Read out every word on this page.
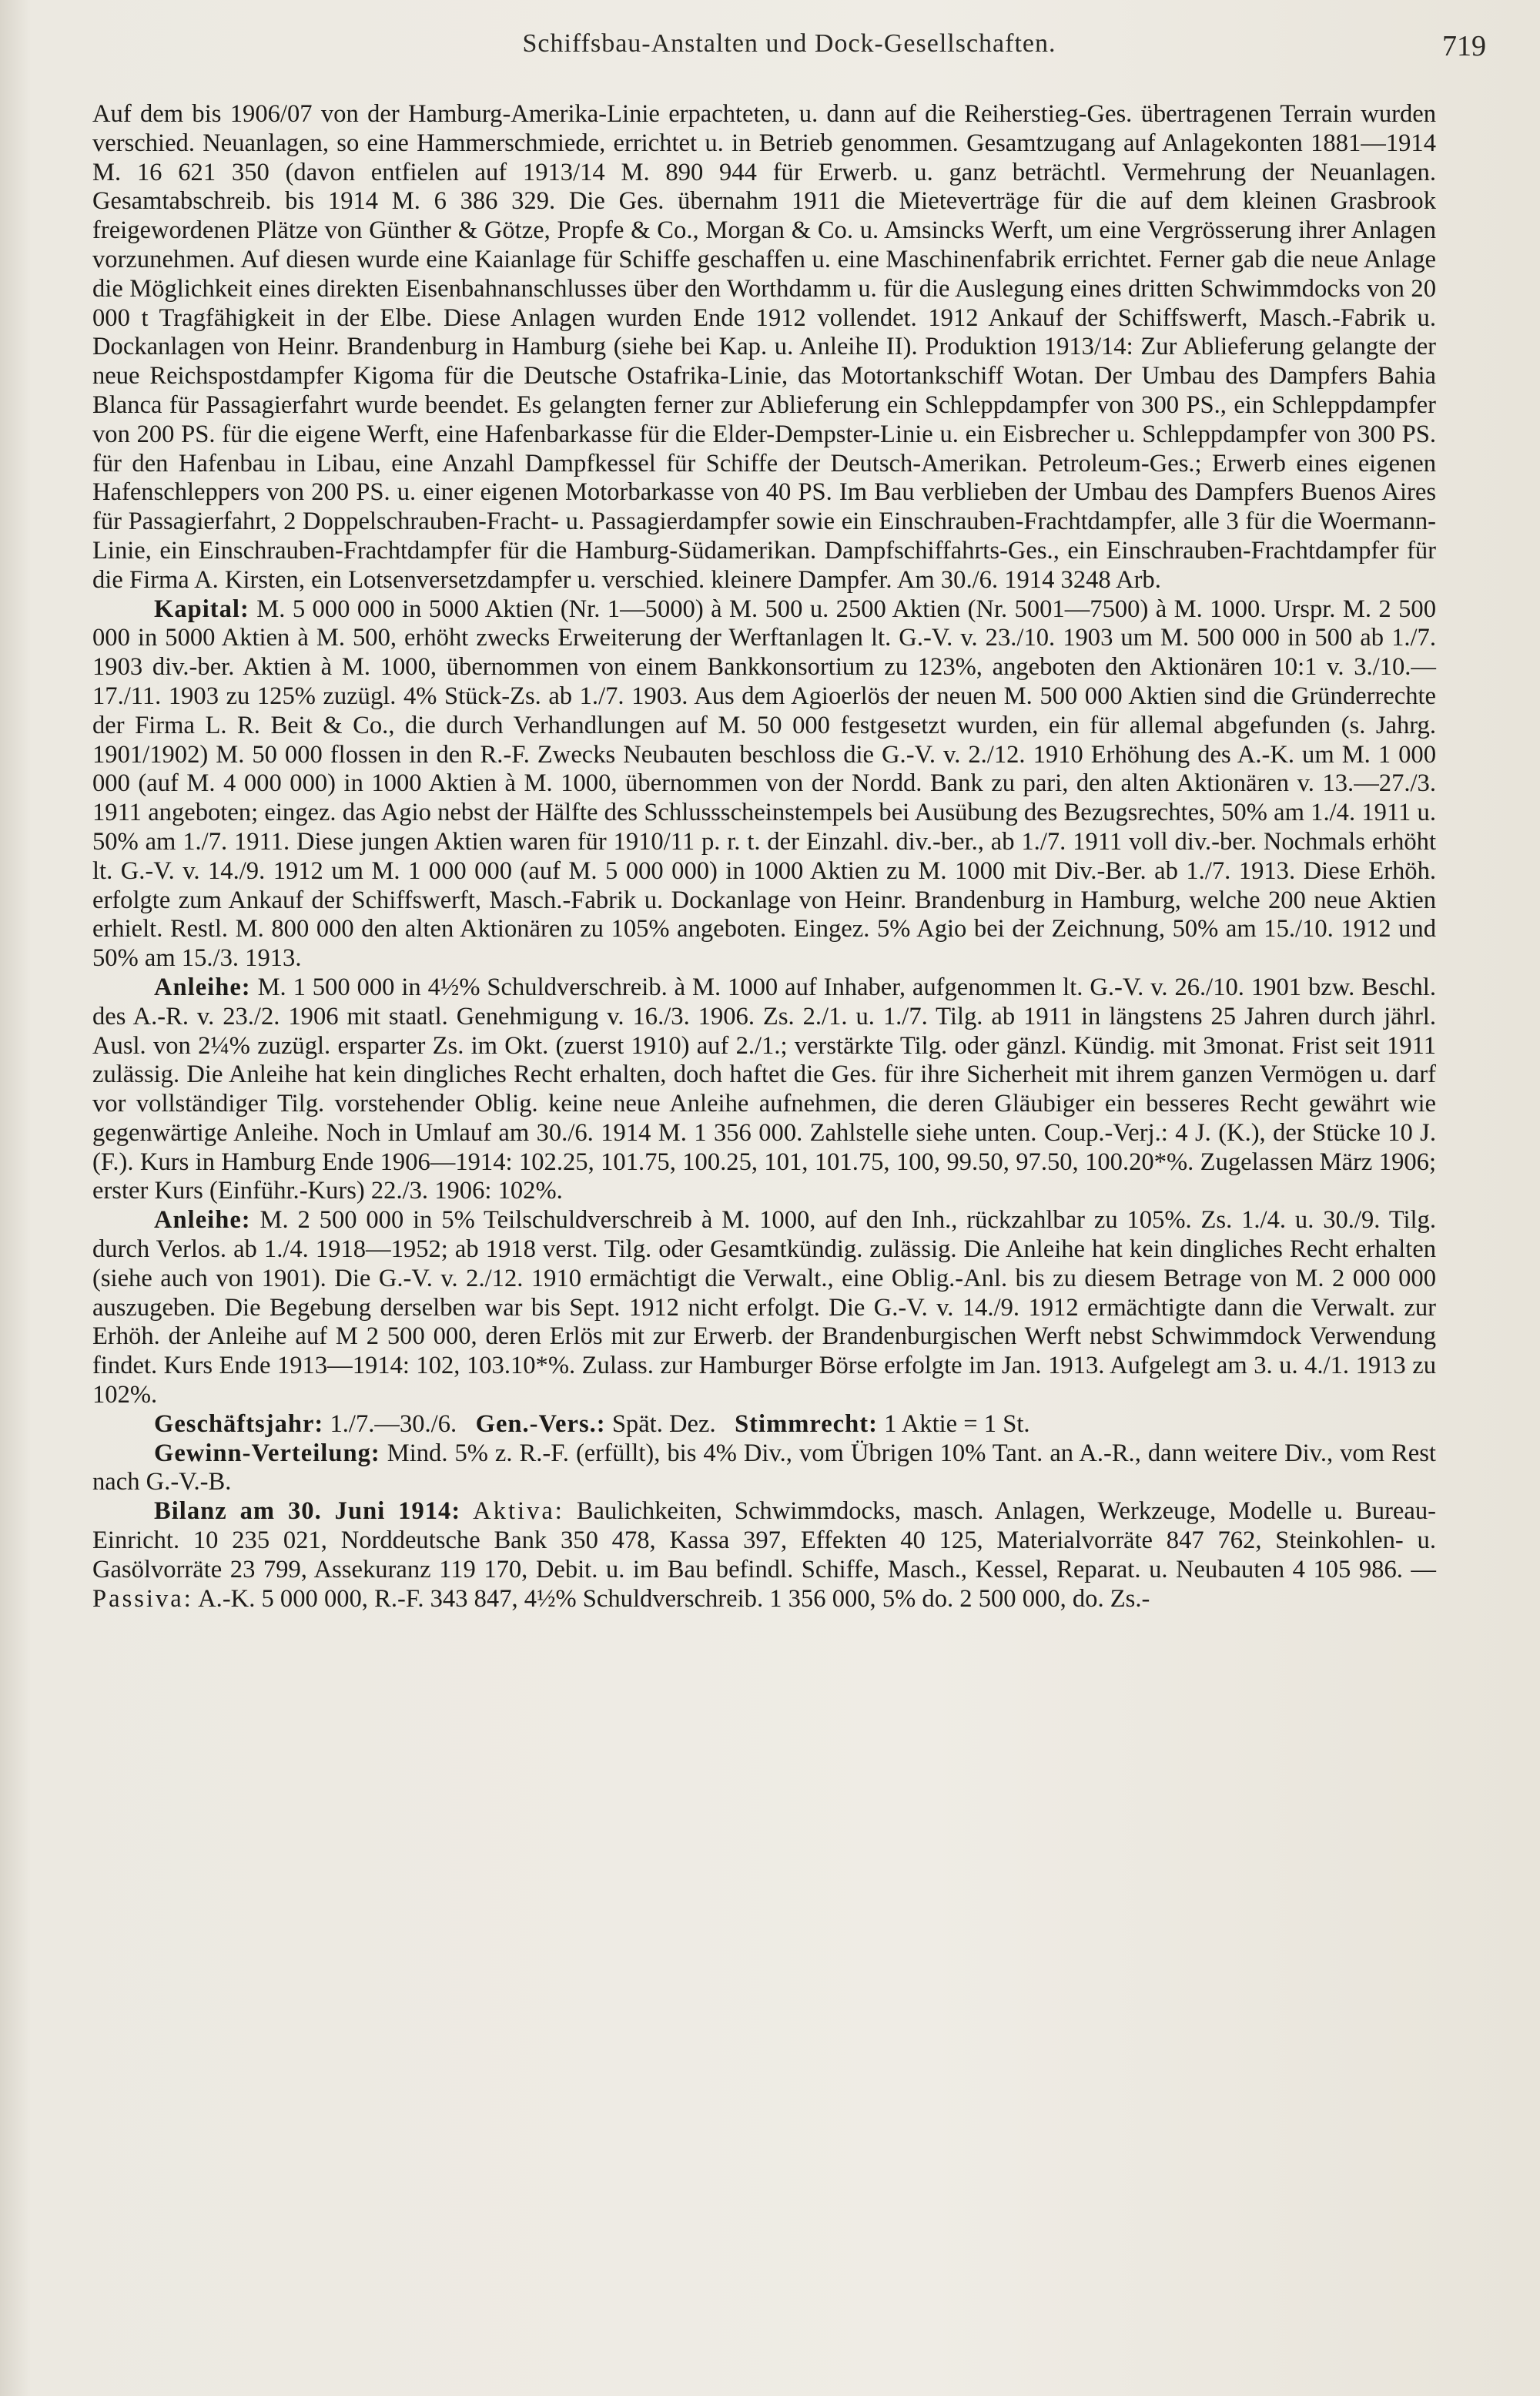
Schiffsbau-Anstalten und Dock-Gesellschaften.	719

Auf dem bis 1906/07 von der Hamburg-Amerika-Linie erpachteten, u. dann auf die Reiherstieg-Ges. übertragenen Terrain wurden verschied. Neuanlagen, so eine Hammerschmiede, errichtet u. in Betrieb genommen. Gesamtzugang auf Anlagekonten 1881—1914 M. 16 621 350 (davon entfielen auf 1913/14 M. 890 944 für Erwerb. u. ganz beträchtl. Vermehrung der Neuanlagen. Gesamtabschreib. bis 1914 M. 6 386 329. Die Ges. übernahm 1911 die Mieteverträge für die auf dem kleinen Grasbrook freigewordenen Plätze von Günther & Götze, Propfe & Co., Morgan & Co. u. Amsincks Werft, um eine Vergrösserung ihrer Anlagen vorzunehmen. Auf diesen wurde eine Kaianlage für Schiffe geschaffen u. eine Maschinenfabrik errichtet. Ferner gab die neue Anlage die Möglichkeit eines direkten Eisenbahnanschlusses über den Worthdamm u. für die Auslegung eines dritten Schwimmdocks von 20 000 t Tragfähigkeit in der Elbe. Diese Anlagen wurden Ende 1912 vollendet. 1912 Ankauf der Schiffswerft, Masch.-Fabrik u. Dockanlagen von Heinr. Brandenburg in Hamburg (siehe bei Kap. u. Anleihe II). Produktion 1913/14: Zur Ablieferung gelangte der neue Reichspostdampfer Kigoma für die Deutsche Ostafrika-Linie, das Motortankschiff Wotan. Der Umbau des Dampfers Bahia Blanca für Passagierfahrt wurde beendet. Es gelangten ferner zur Ablieferung ein Schleppdampfer von 300 PS., ein Schleppdampfer von 200 PS. für die eigene Werft, eine Hafenbarkasse für die Elder-Dempster-Linie u. ein Eisbrecher u. Schleppdampfer von 300 PS. für den Hafenbau in Libau, eine Anzahl Dampfkessel für Schiffe der Deutsch-Amerikan. Petroleum-Ges.; Erwerb eines eigenen Hafenschleppers von 200 PS. u. einer eigenen Motorbarkasse von 40 PS. Im Bau verblieben der Umbau des Dampfers Buenos Aires für Passagierfahrt, 2 Doppelschrauben-Fracht- u. Passagierdampfer sowie ein Einschrauben-Frachtdampfer, alle 3 für die Woermann-Linie, ein Einschrauben-Frachtdampfer für die Hamburg-Südamerikan. Dampfschiffahrts-Ges., ein Einschrauben-Frachtdampfer für die Firma A. Kirsten, ein Lotsenversetzdampfer u. verschied. kleinere Dampfer. Am 30./6. 1914 3248 Arb.

Kapital: M. 5 000 000 in 5000 Aktien (Nr. 1—5000) à M. 500 u. 2500 Aktien (Nr. 5001—7500) à M. 1000. Urspr. M. 2 500 000 in 5000 Aktien à M. 500, erhöht zwecks Erweiterung der Werftanlagen lt. G.-V. v. 23./10. 1903 um M. 500 000 in 500 ab 1./7. 1903 div.-ber. Aktien à M. 1000, übernommen von einem Bankkonsortium zu 123%, angeboten den Aktionären 10:1 v. 3./10.—17./11. 1903 zu 125% zuzügl. 4% Stück-Zs. ab 1./7. 1903. Aus dem Agioerlös der neuen M. 500 000 Aktien sind die Gründerrechte der Firma L. R. Beit & Co., die durch Verhandlungen auf M. 50 000 festgesetzt wurden, ein für allemal abgefunden (s. Jahrg. 1901/1902) M. 50 000 flossen in den R.-F. Zwecks Neubauten beschloss die G.-V. v. 2./12. 1910 Erhöhung des A.-K. um M. 1 000 000 (auf M. 4 000 000) in 1000 Aktien à M. 1000, übernommen von der Nordd. Bank zu pari, den alten Aktionären v. 13.—27./3. 1911 angeboten; eingez. das Agio nebst der Hälfte des Schlussscheinstempels bei Ausübung des Bezugsrechtes, 50% am 1./4. 1911 u. 50% am 1./7. 1911. Diese jungen Aktien waren für 1910/11 p. r. t. der Einzahl. div.-ber., ab 1./7. 1911 voll div.-ber. Nochmals erhöht lt. G.-V. v. 14./9. 1912 um M. 1 000 000 (auf M. 5 000 000) in 1000 Aktien zu M. 1000 mit Div.-Ber. ab 1./7. 1913. Diese Erhöh. erfolgte zum Ankauf der Schiffswerft, Masch.-Fabrik u. Dockanlage von Heinr. Brandenburg in Hamburg, welche 200 neue Aktien erhielt. Restl. M. 800 000 den alten Aktionären zu 105% angeboten. Eingez. 5% Agio bei der Zeichnung, 50% am 15./10. 1912 und 50% am 15./3. 1913.

Anleihe: M. 1 500 000 in 4½% Schuldverschreib. à M. 1000 auf Inhaber, aufgenommen lt. G.-V. v. 26./10. 1901 bzw. Beschl. des A.-R. v. 23./2. 1906 mit staatl. Genehmigung v. 16./3. 1906. Zs. 2./1. u. 1./7. Tilg. ab 1911 in längstens 25 Jahren durch jährl. Ausl. von 2¼% zuzügl. ersparter Zs. im Okt. (zuerst 1910) auf 2./1.; verstärkte Tilg. oder gänzl. Kündig. mit 3monat. Frist seit 1911 zulässig. Die Anleihe hat kein dingliches Recht erhalten, doch haftet die Ges. für ihre Sicherheit mit ihrem ganzen Vermögen u. darf vor vollständiger Tilg. vorstehender Oblig. keine neue Anleihe aufnehmen, die deren Gläubiger ein besseres Recht gewährt wie gegenwärtige Anleihe. Noch in Umlauf am 30./6. 1914 M. 1 356 000. Zahlstelle siehe unten. Coup.-Verj.: 4 J. (K.), der Stücke 10 J. (F.). Kurs in Hamburg Ende 1906—1914: 102.25, 101.75, 100.25, 101, 101.75, 100, 99.50, 97.50, 100.20*%. Zugelassen März 1906; erster Kurs (Einführ.-Kurs) 22./3. 1906: 102%.

Anleihe: M. 2 500 000 in 5% Teilschuldverschreib à M. 1000, auf den Inh., rückzahlbar zu 105%. Zs. 1./4. u. 30./9. Tilg. durch Verlos. ab 1./4. 1918—1952; ab 1918 verst. Tilg. oder Gesamtkündig. zulässig. Die Anleihe hat kein dingliches Recht erhalten (siehe auch von 1901). Die G.-V. v. 2./12. 1910 ermächtigt die Verwalt., eine Oblig.-Anl. bis zu diesem Betrage von M. 2 000 000 auszugeben. Die Begebung derselben war bis Sept. 1912 nicht erfolgt. Die G.-V. v. 14./9. 1912 ermächtigte dann die Verwalt. zur Erhöh. der Anleihe auf M 2 500 000, deren Erlös mit zur Erwerb. der Brandenburgischen Werft nebst Schwimmdock Verwendung findet. Kurs Ende 1913—1914: 102, 103.10*%. Zulass. zur Hamburger Börse erfolgte im Jan. 1913. Aufgelegt am 3. u. 4./1. 1913 zu 102%.

Geschäftsjahr: 1./7.—30./6. Gen.-Vers.: Spät. Dez. Stimmrecht: 1 Aktie = 1 St.

Gewinn-Verteilung: Mind. 5% z. R.-F. (erfüllt), bis 4% Div., vom Übrigen 10% Tant. an A.-R., dann weitere Div., vom Rest nach G.-V.-B.

Bilanz am 30. Juni 1914: Aktiva: Baulichkeiten, Schwimmdocks, masch. Anlagen, Werkzeuge, Modelle u. Bureau-Einricht. 10 235 021, Norddeutsche Bank 350 478, Kassa 397, Effekten 40 125, Materialvorräte 847 762, Steinkohlen- u. Gasölvorräte 23 799, Assekuranz 119 170, Debit. u. im Bau befindl. Schiffe, Masch., Kessel, Reparat. u. Neubauten 4 105 986. — Passiva: A.-K. 5 000 000, R.-F. 343 847, 4½% Schuldverschreib. 1 356 000, 5% do. 2 500 000, do. Zs.-
